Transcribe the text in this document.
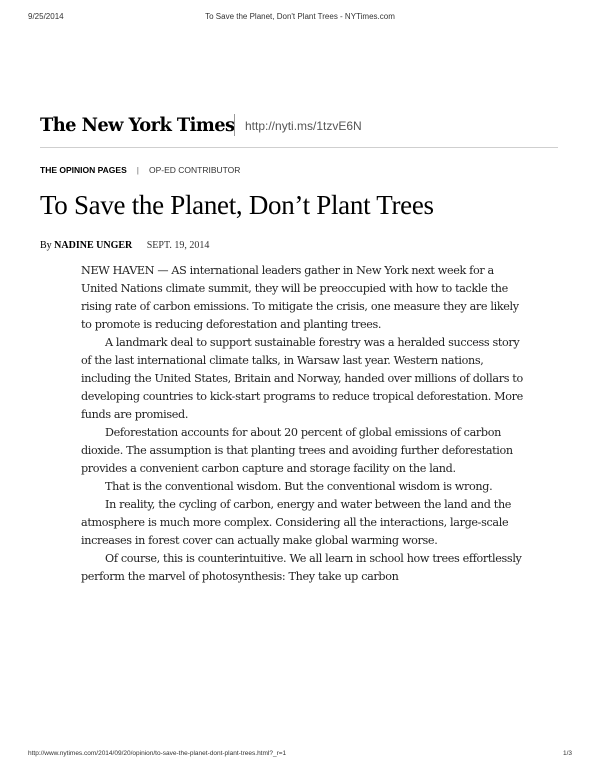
9/25/2014	To Save the Planet, Don't Plant Trees - NYTimes.com
The New York Times http://nyti.ms/1tzvE6N
THE OPINION PAGES | OP-ED CONTRIBUTOR
To Save the Planet, Don’t Plant Trees
By NADINE UNGER SEPT. 19, 2014

NEW HAVEN — AS international leaders gather in New York next week for a United Nations climate summit, they will be preoccupied with how to tackle the rising rate of carbon emissions. To mitigate the crisis, one measure they are likely to promote is reducing deforestation and planting trees.

A landmark deal to support sustainable forestry was a heralded success story of the last international climate talks, in Warsaw last year. Western nations, including the United States, Britain and Norway, handed over millions of dollars to developing countries to kick-start programs to reduce tropical deforestation. More funds are promised.

Deforestation accounts for about 20 percent of global emissions of carbon dioxide. The assumption is that planting trees and avoiding further deforestation provides a convenient carbon capture and storage facility on the land.

That is the conventional wisdom. But the conventional wisdom is wrong.

In reality, the cycling of carbon, energy and water between the land and the atmosphere is much more complex. Considering all the interactions, large-scale increases in forest cover can actually make global warming worse.

Of course, this is counterintuitive. We all learn in school how trees effortlessly perform the marvel of photosynthesis: They take up carbon

http://www.nytimes.com/2014/09/20/opinion/to-save-the-planet-dont-plant-trees.html?_r=1	1/3
